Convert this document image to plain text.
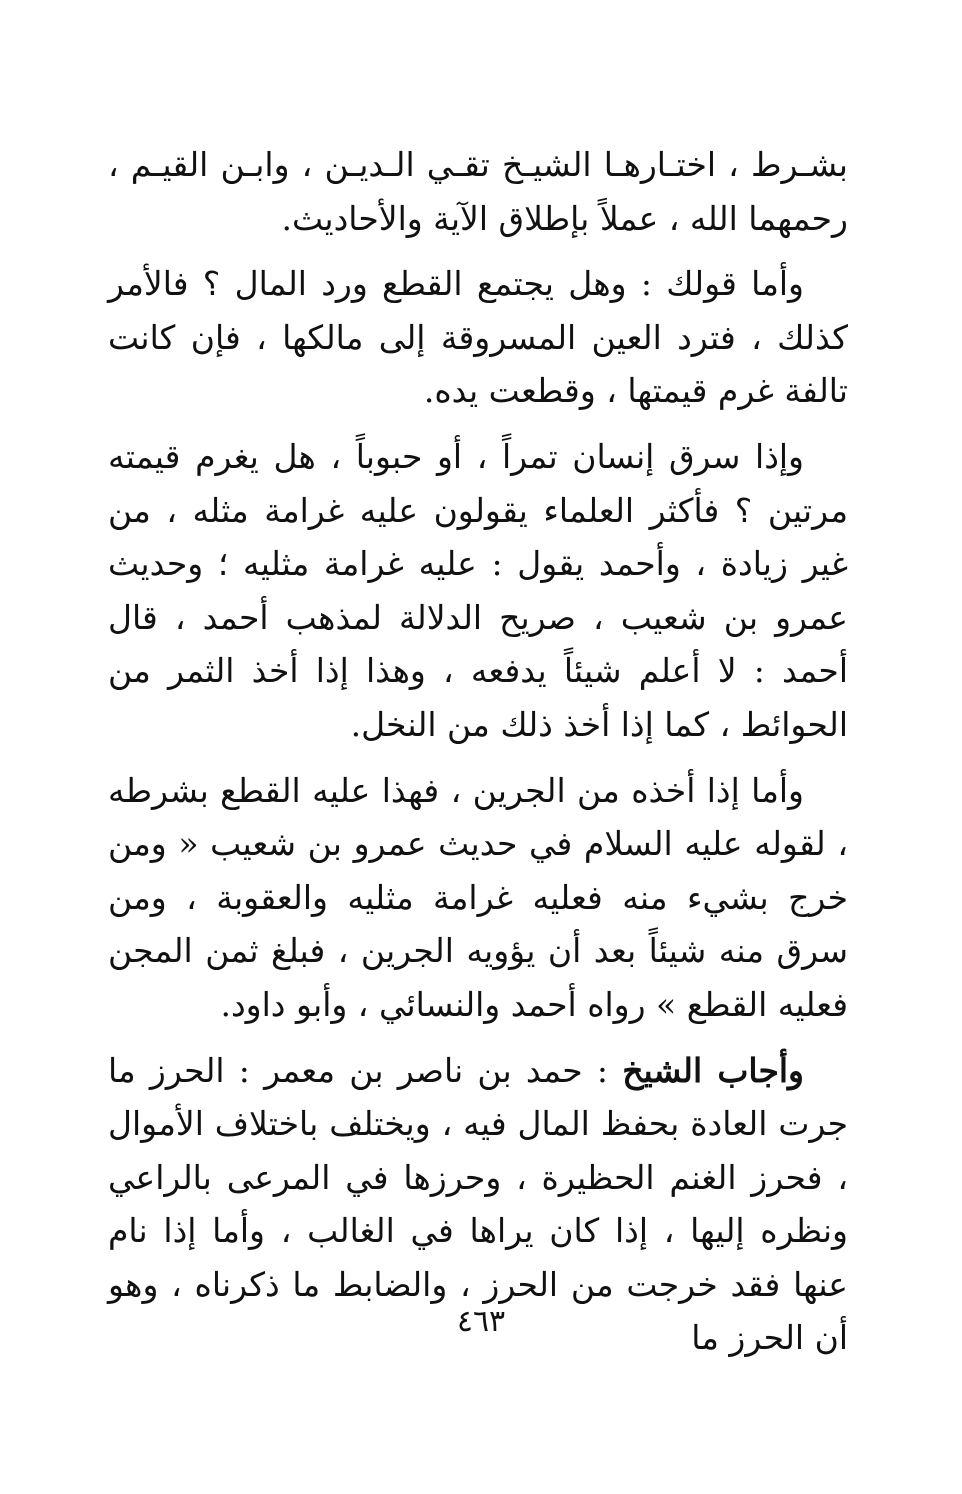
بشـرط ، اختـارهـا الشيـخ تقـي الـديـن ، وابـن القيـم ، رحمهما الله ، عملاً بإطلاق الآية والأحاديث.

وأما قولك : وهل يجتمع القطع ورد المال ؟ فالأمر كذلك ، فترد العين المسروقة إلى مالكها ، فإن كانت تالفة غرم قيمتها ، وقطعت يده.

وإذا سرق إنسان تمراً ، أو حبوباً ، هل يغرم قيمته مرتين ؟ فأكثر العلماء يقولون عليه غرامة مثله ، من غير زيادة ، وأحمد يقول : عليه غرامة مثليه ؛ وحديث عمرو بن شعيب ، صريح الدلالة لمذهب أحمد ، قال أحمد : لا أعلم شيئاً يدفعه ، وهذا إذا أخذ الثمر من الحوائط ، كما إذا أخذ ذلك من النخل.

وأما إذا أخذه من الجرين ، فهذا عليه القطع بشرطه ، لقوله عليه السلام في حديث عمرو بن شعيب « ومن خرج بشيء منه فعليه غرامة مثليه والعقوبة ، ومن سرق منه شيئاً بعد أن يؤويه الجرين ، فبلغ ثمن المجن فعليه القطع » رواه أحمد والنسائي ، وأبو داود.

وأجاب الشيخ : حمد بن ناصر بن معمر : الحرز ما جرت العادة بحفظ المال فيه ، ويختلف باختلاف الأموال ، فحرز الغنم الحظيرة ، وحرزها في المرعى بالراعي ونظره إليها ، إذا كان يراها في الغالب ، وأما إذا نام عنها فقد خرجت من الحرز ، والضابط ما ذكرناه ، وهو أن الحرز ما

٤٦٣
